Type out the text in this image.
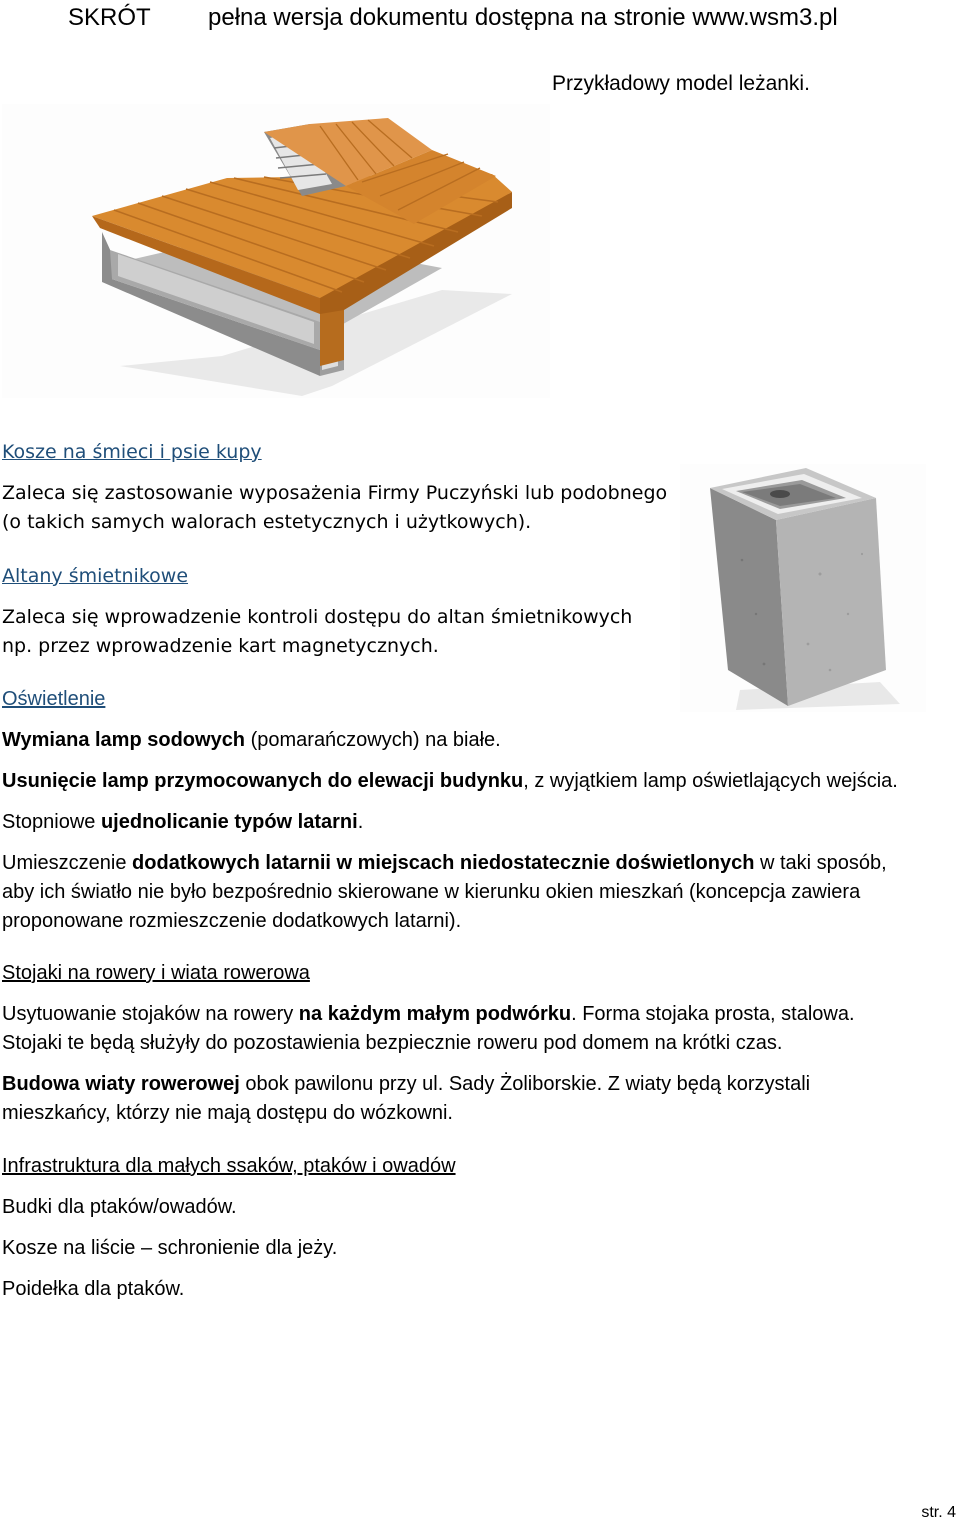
SKRÓT pełna wersja dokumentu dostępna na stronie www.wsm3.pl
Przykładowy model leżanki.
Kosze na śmieci i psie kupy
Zaleca się zastosowanie wyposażenia Firmy Puczyński lub podobnego
(o takich samych walorach estetycznych i użytkowych).
Altany śmietnikowe
Zaleca się wprowadzenie kontroli dostępu do altan śmietnikowych
np. przez wprowadzenie kart magnetycznych.
Oświetlenie
Wymiana lamp sodowych (pomarańczowych) na białe.
Usunięcie lamp przymocowanych do elewacji budynku, z wyjątkiem lamp oświetlających wejścia.
Stopniowe ujednolicanie typów latarni.
Umieszczenie dodatkowych latarnii w miejscach niedostatecznie doświetlonych w taki sposób,
aby ich światło nie było bezpośrednio skierowane w kierunku okien mieszkań (koncepcja zawiera
proponowane rozmieszczenie dodatkowych latarni).
Stojaki na rowery i wiata rowerowa
Usytuowanie stojaków na rowery na każdym małym podwórku. Forma stojaka prosta, stalowa.
Stojaki te będą służyły do pozostawienia bezpiecznie roweru pod domem na krótki czas.
Budowa wiaty rowerowej obok pawilonu przy ul. Sady Żoliborskie. Z wiaty będą korzystali
mieszkańcy, którzy nie mają dostępu do wózkowni.
Infrastruktura dla małych ssaków, ptaków i owadów
Budki dla ptaków/owadów.
Kosze na liście – schronienie dla jeży.
Poidełka dla ptaków.
str. 4
